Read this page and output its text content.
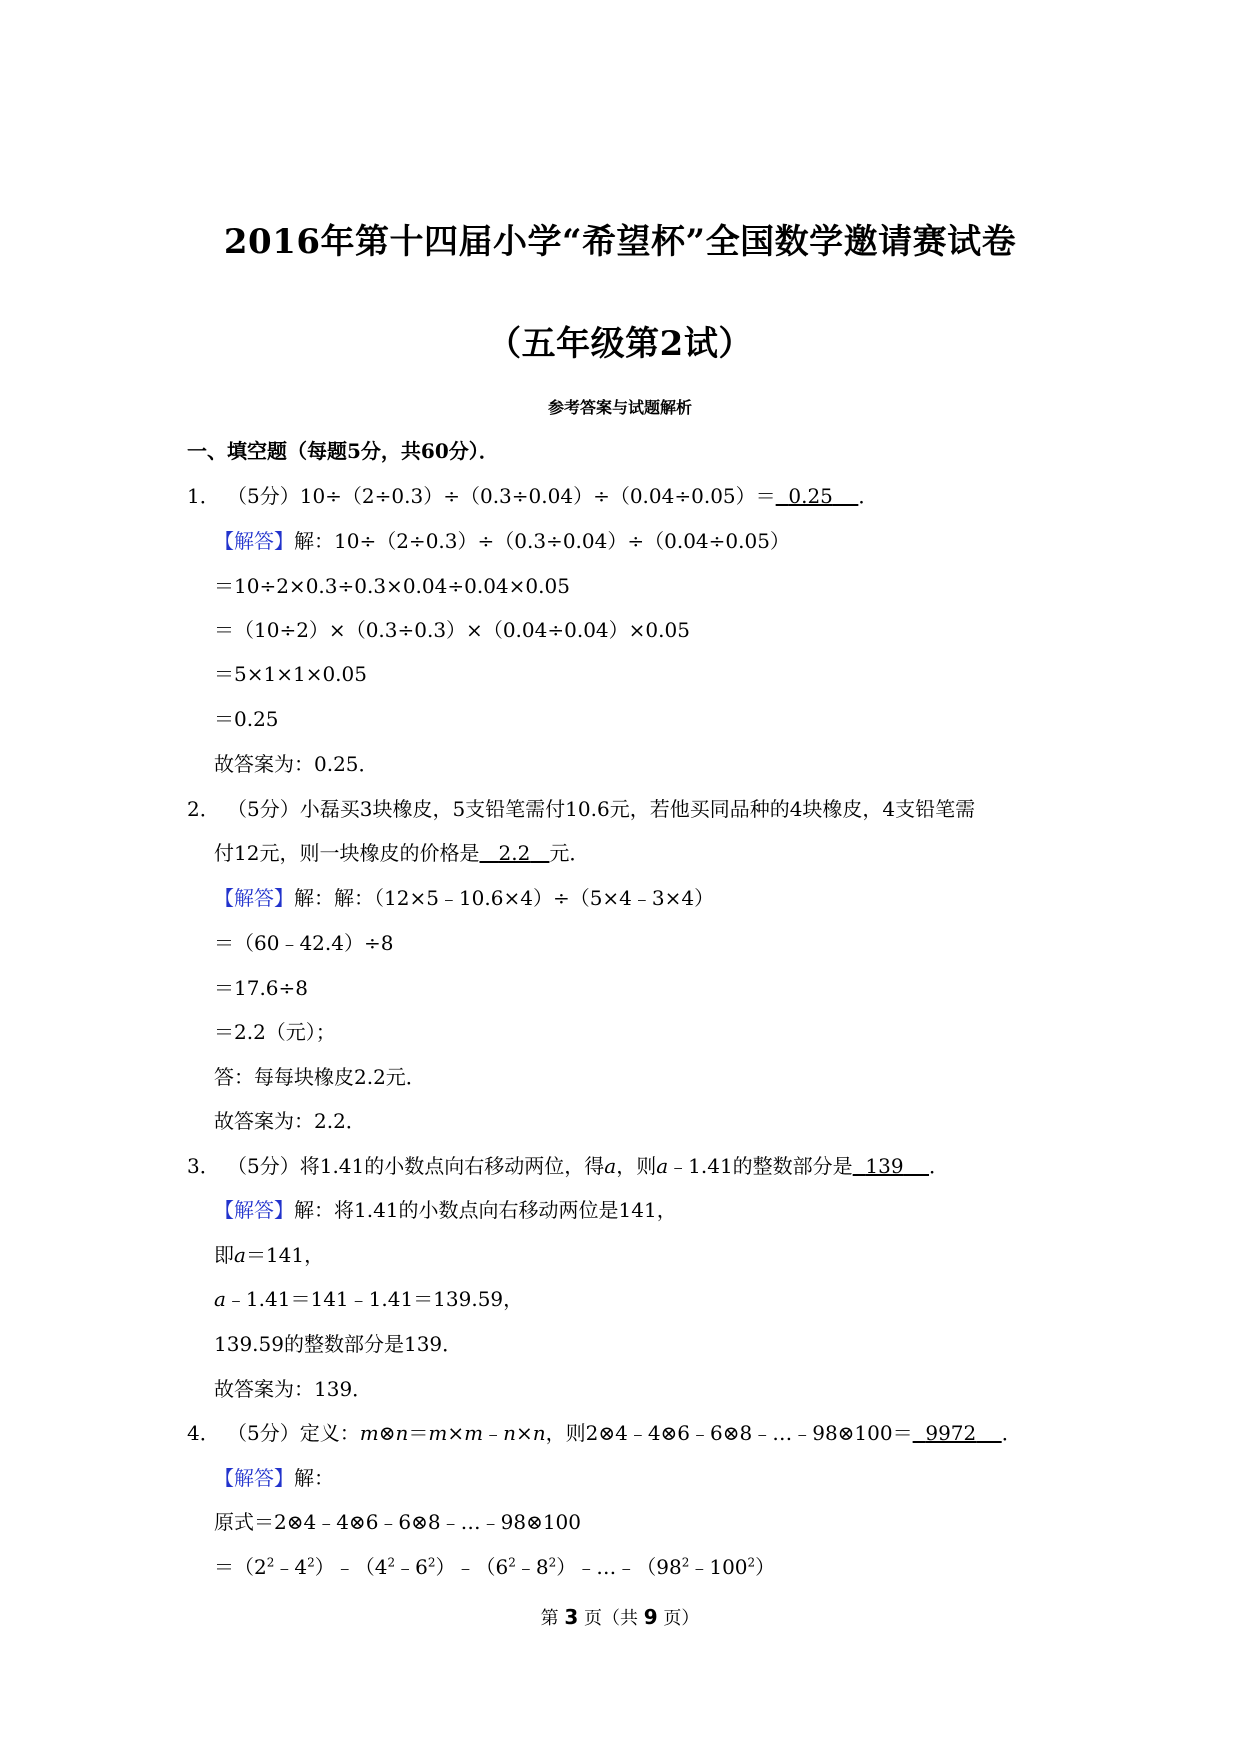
2016年第十四届小学“希望杯”全国数学邀请赛试卷
（五年级第2试）
参考答案与试题解析
一、填空题（每题5分，共60分）．
1． （5分）10÷（2÷0.3）÷（0.3÷0.04）÷（0.04÷0.05）＝ 0.25 ．
【解答】解：10÷（2÷0.3）÷（0.3÷0.04）÷（0.04÷0.05）
＝10÷2×0.3÷0.3×0.04÷0.04×0.05
＝（10÷2）×（0.3÷0.3）×（0.04÷0.04）×0.05
＝5×1×1×0.05
＝0.25
故答案为：0.25．
2． （5分）小磊买3块橡皮，5支铅笔需付10.6元，若他买同品种的4块橡皮，4支铅笔需
付12元，则一块橡皮的价格是 2.2 元．
【解答】解：解：（12×5﹣10.6×4）÷（5×4﹣3×4）
＝（60﹣42.4）÷8
＝17.6÷8
＝2.2（元）；
答：每每块橡皮2.2元．
故答案为：2.2．
3． （5分）将1.41的小数点向右移动两位，得a，则a﹣1.41的整数部分是 139 ．
【解答】解：将1.41的小数点向右移动两位是141，
即a＝141，
a﹣1.41＝141﹣1.41＝139.59，
139.59的整数部分是139．
故答案为：139．
4． （5分）定义：m⊗n＝m×m﹣n×n，则2⊗4﹣4⊗6﹣6⊗8﹣…﹣98⊗100＝ 9972 ．
【解答】解：
原式＝2⊗4﹣4⊗6﹣6⊗8﹣…﹣98⊗100
$=(2^2﹣4^2)﹣(4^2﹣6^2)﹣(6^2﹣8^2)﹣\dots﹣(98^2﹣100^2)$
第 3 页（共 9 页）
